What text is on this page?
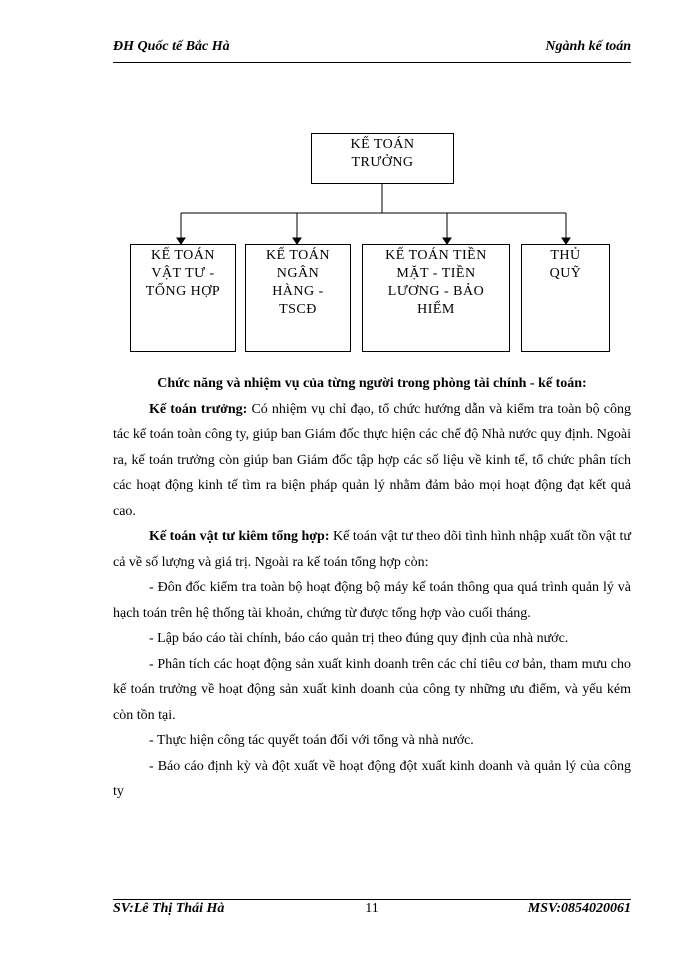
ĐH Quốc tế Bắc Hà	Ngành kế toán
KẾ TOÁN
TRƯỞNG
KẾ TOÁN
VẬT TƯ -
TỔNG HỢP
KẾ TOÁN
NGÂN
HÀNG -
TSCĐ
KẾ TOÁN TIỀN
MẶT - TIỀN
LƯƠNG - BẢO
HIỂM
THỦ
QUỸ

Chức năng và nhiệm vụ của từng người trong phòng tài chính - kế toán:

Kế toán trưởng: Có nhiệm vụ chỉ đạo, tổ chức hướng dẫn và kiểm tra toàn bộ công tác kế toán toàn công ty, giúp ban Giám đốc thực hiện các chế độ Nhà nước quy định. Ngoài ra, kế toán trưởng còn giúp ban Giám đốc tập hợp các số liệu về kinh tế, tổ chức phân tích các hoạt động kinh tế tìm ra biện pháp quản lý nhằm đảm bảo mọi hoạt động đạt kết quả cao.

Kế toán vật tư kiêm tổng hợp: Kế toán vật tư theo dõi tình hình nhập xuất tồn vật tư cả về số lượng và giá trị. Ngoài ra kế toán tổng hợp còn:

- Đôn đốc kiểm tra toàn bộ hoạt động bộ máy kế toán thông qua quá trình quản lý và hạch toán trên hệ thống tài khoản, chứng từ được tổng hợp vào cuối tháng.

- Lập báo cáo tài chính, báo cáo quản trị theo đúng quy định của nhà nước.

- Phân tích các hoạt động sản xuất kinh doanh trên các chỉ tiêu cơ bản, tham mưu cho kế toán trưởng về hoạt động sản xuất kinh doanh của công ty những ưu điểm, và yếu kém còn tồn tại.

- Thực hiện công tác quyết toán đối với tổng và nhà nước.

- Báo cáo định kỳ và đột xuất về hoạt động đột xuất kinh doanh và quản lý của công ty

SV:Lê Thị Thái Hà	11	MSV:0854020061
